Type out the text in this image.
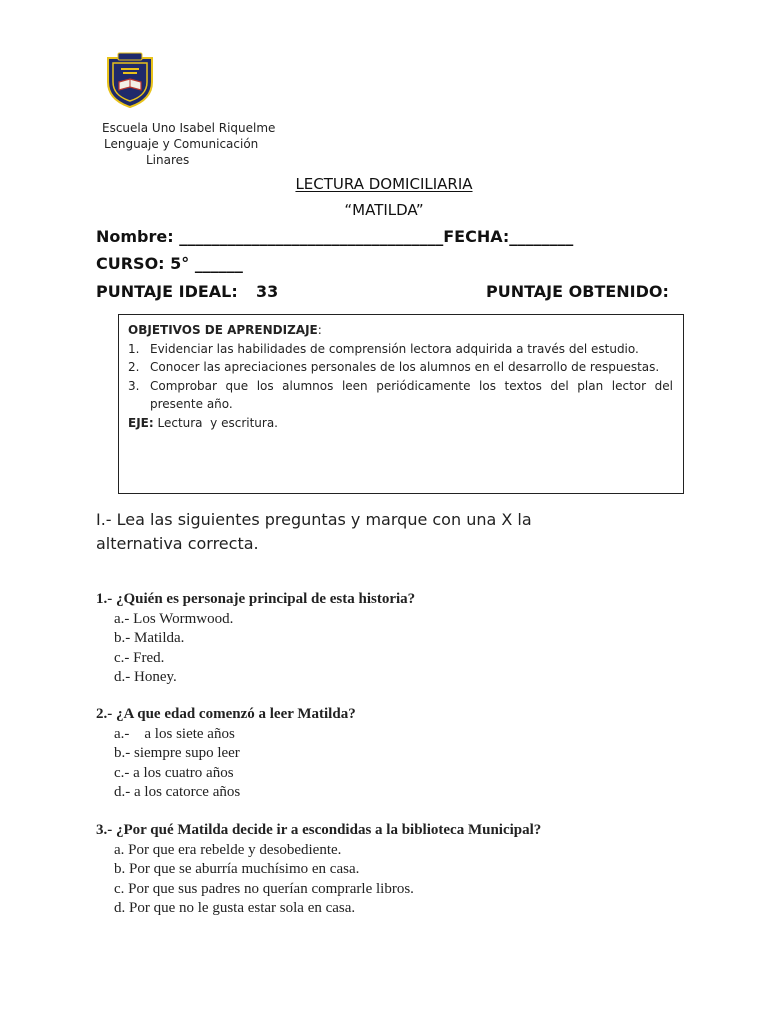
Escuela Uno Isabel Riquelme
Lenguaje y Comunicación
Linares
LECTURA DOMICILIARIA
“MATILDA”
Nombre: _________________________________FECHA:________
CURSO: 5° ______
PUNTAJE IDEAL: 33	PUNTAJE OBTENIDO:
OBJETIVOS DE APRENDIZAJE:
1. Evidenciar las habilidades de comprensión lectora adquirida a través del estudio.
2. Conocer las apreciaciones personales de los alumnos en el desarrollo de respuestas.
3. Comprobar que los alumnos leen periódicamente los textos del plan lector del presente año.
EJE: Lectura  y escritura.
I.- Lea las siguientes preguntas y marque con una X la alternativa correcta.
1.- ¿Quién es personaje principal de esta historia?
a.- Los Wormwood.
b.- Matilda.
c.- Fred.
d.- Honey.
2.- ¿A que edad comenzó a leer Matilda?
a.-    a los siete años
b.- siempre supo leer
c.- a los cuatro años
d.- a los catorce años
3.- ¿Por qué Matilda decide ir a escondidas a la biblioteca Municipal?
a. Por que era rebelde y desobediente.
b. Por que se aburría muchísimo en casa.
c. Por que sus padres no querían comprarle libros.
d. Por que no le gusta estar sola en casa.
